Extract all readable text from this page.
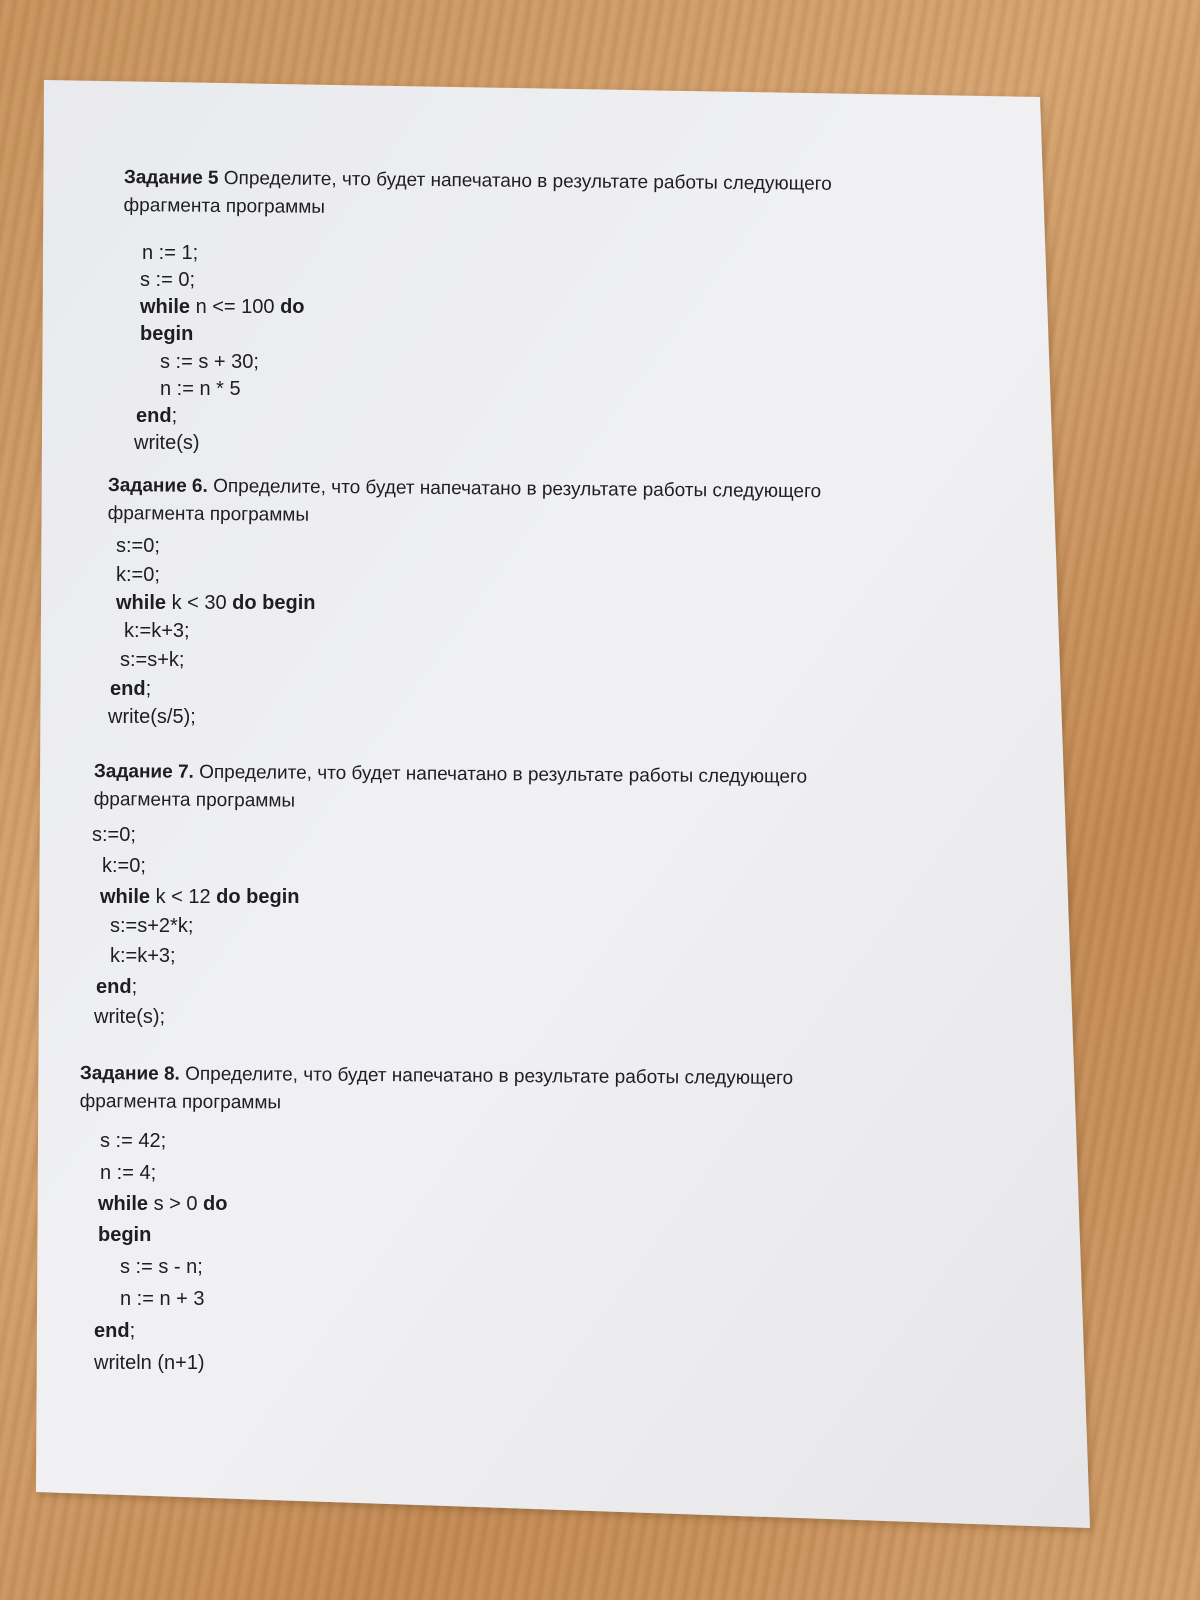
Задание 5 Определите, что будет напечатано в результате работы следующего
фрагмента программы

n := 1;
s := 0;
while n <= 100 do
begin
s := s + 30;
n := n * 5
end;
write(s)

Задание 6. Определите, что будет напечатано в результате работы следующего
фрагмента программы

s:=0;
k:=0;
while k < 30 do begin
k:=k+3;
s:=s+k;
end;
write(s/5);

Задание 7. Определите, что будет напечатано в результате работы следующего
фрагмента программы

s:=0;
k:=0;
while k < 12 do begin
s:=s+2*k;
k:=k+3;
end;
write(s);

Задание 8. Определите, что будет напечатано в результате работы следующего
фрагмента программы

s := 42;
n := 4;
while s > 0 do
begin
s := s - n;
n := n + 3
end;
writeln (n+1)
